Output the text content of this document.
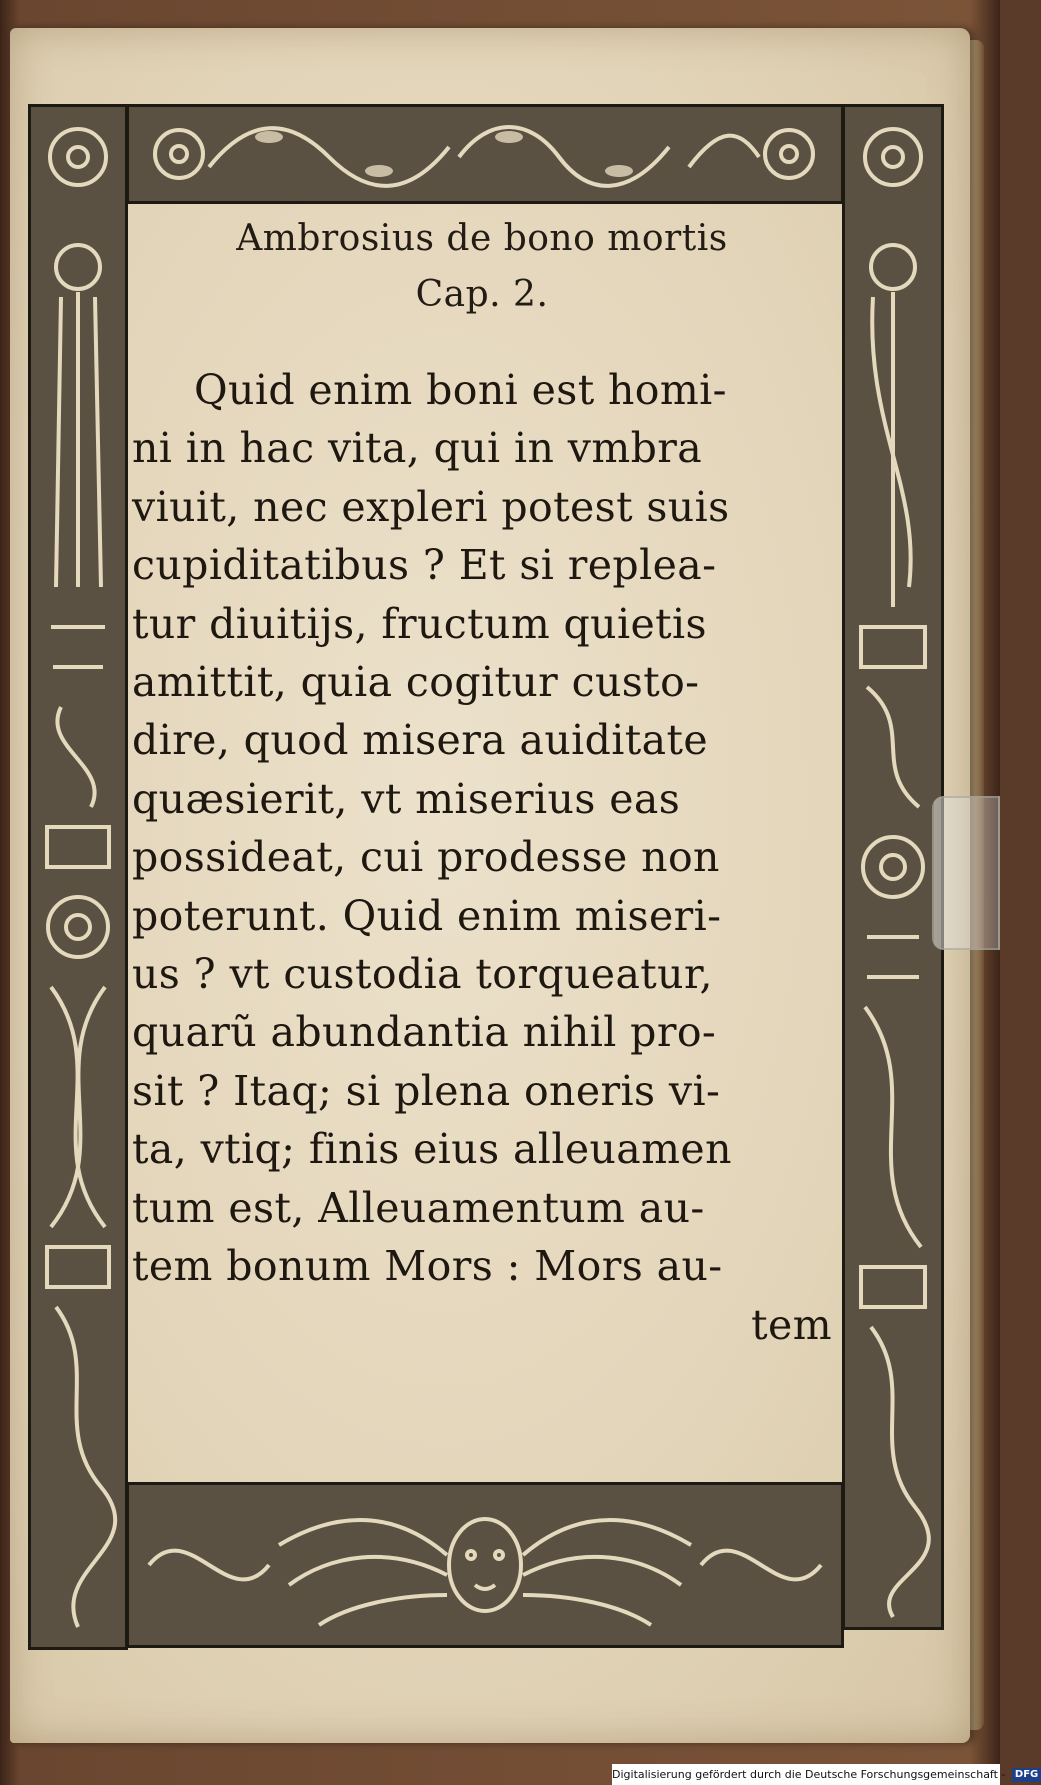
Ambrosius de bono mortis
Cap. 2.
Quid enim boni est homi-
ni in hac vita, qui in vmbra
viuit, nec expleri potest suis
cupiditatibus ? Et si replea-
tur diuitijs, fructum quietis
amittit, quia cogitur custo-
dire, quod misera auiditate
quæsierit, vt miserius eas
possideat, cui prodesse non
poterunt. Quid enim miseri-
us ? vt custodia torqueatur,
quarũ abundantia nihil pro-
sit ? Itaq; si plena oneris vi-
ta, vtiq; finis eius alleuamen
tum est, Alleuamentum au-
tem bonum Mors : Mors au-
tem
Digitalisierung gefördert durch die Deutsche Forschungsgemeinschaft - DFG
